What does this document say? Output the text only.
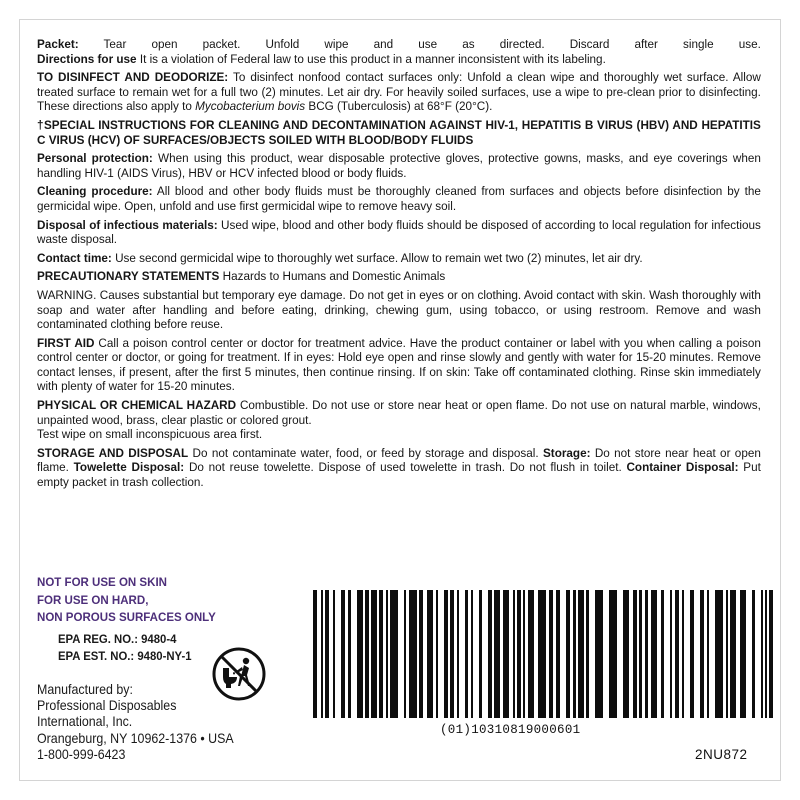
Packet: Tear open packet. Unfold wipe and use as directed. Discard after single use.

Directions for use It is a violation of Federal law to use this product in a manner inconsistent with its labeling.

TO DISINFECT AND DEODORIZE: To disinfect nonfood contact surfaces only: Unfold a clean wipe and thoroughly wet surface. Allow treated surface to remain wet for a full two (2) minutes. Let air dry. For heavily soiled surfaces, use a wipe to pre-clean prior to disinfecting. These directions also apply to Mycobacterium bovis BCG (Tuberculosis) at 68°F (20°C).

†SPECIAL INSTRUCTIONS FOR CLEANING AND DECONTAMINATION AGAINST HIV-1, HEPATITIS B VIRUS (HBV) AND HEPATITIS C VIRUS (HCV) OF SURFACES/OBJECTS SOILED WITH BLOOD/BODY FLUIDS

Personal protection: When using this product, wear disposable protective gloves, protective gowns, masks, and eye coverings when handling HIV-1 (AIDS Virus), HBV or HCV infected blood or body fluids.

Cleaning procedure: All blood and other body fluids must be thoroughly cleaned from surfaces and objects before disinfection by the germicidal wipe. Open, unfold and use first germicidal wipe to remove heavy soil.

Disposal of infectious materials: Used wipe, blood and other body fluids should be disposed of according to local regulation for infectious waste disposal.

Contact time: Use second germicidal wipe to thoroughly wet surface. Allow to remain wet two (2) minutes, let air dry.

PRECAUTIONARY STATEMENTS Hazards to Humans and Domestic Animals

WARNING. Causes substantial but temporary eye damage. Do not get in eyes or on clothing. Avoid contact with skin. Wash thoroughly with soap and water after handling and before eating, drinking, chewing gum, using tobacco, or using restroom. Remove and wash contaminated clothing before reuse.

FIRST AID Call a poison control center or doctor for treatment advice. Have the product container or label with you when calling a poison control center or doctor, or going for treatment. If in eyes: Hold eye open and rinse slowly and gently with water for 15-20 minutes. Remove contact lenses, if present, after the first 5 minutes, then continue rinsing. If on skin: Take off contaminated clothing. Rinse skin immediately with plenty of water for 15-20 minutes.

PHYSICAL OR CHEMICAL HAZARD Combustible. Do not use or store near heat or open flame. Do not use on natural marble, windows, unpainted wood, brass, clear plastic or colored grout.

Test wipe on small inconspicuous area first.

STORAGE AND DISPOSAL Do not contaminate water, food, or feed by storage and disposal. Storage: Do not store near heat or open flame. Towelette Disposal: Do not reuse towelette. Dispose of used towelette in trash. Do not flush in toilet. Container Disposal: Put empty packet in trash collection.

NOT FOR USE ON SKIN
FOR USE ON HARD,
NON POROUS SURFACES ONLY
EPA REG. NO.: 9480-4
EPA EST. NO.: 9480-NY-1
Manufactured by:
Professional Disposables
International, Inc.
Orangeburg, NY 10962-1376 • USA
1-800-999-6423
(01)10310819000601
2NU872
